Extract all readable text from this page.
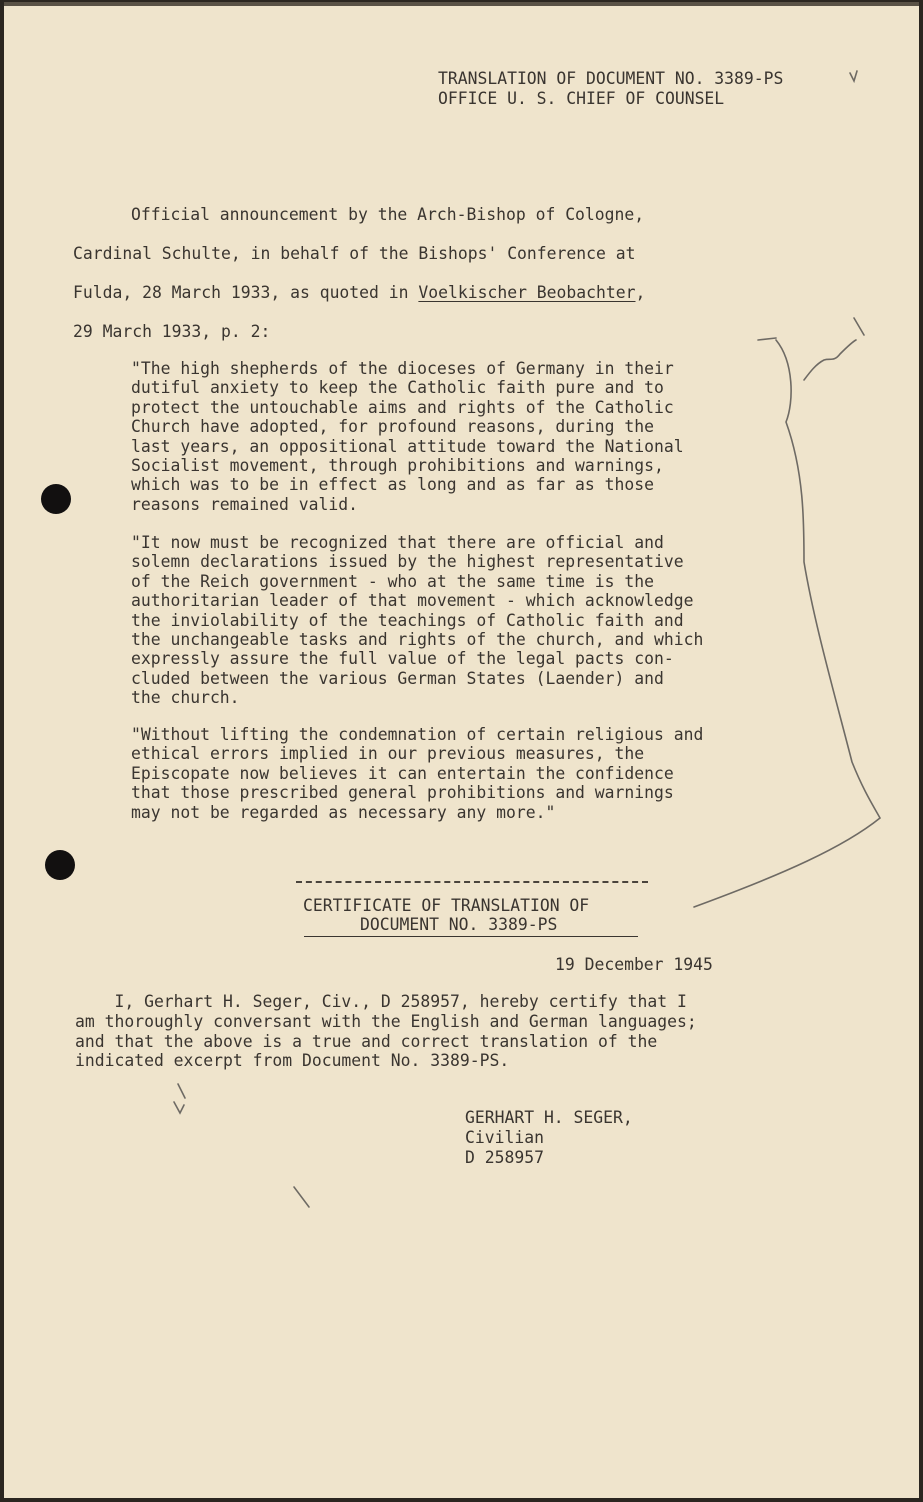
TRANSLATION OF DOCUMENT NO. 3389-PS
OFFICE U. S. CHIEF OF COUNSEL
Official announcement by the Arch-Bishop of Cologne,
Cardinal Schulte, in behalf of the Bishops' Conference at
Fulda, 28 March 1933, as quoted in Voelkischer Beobachter,
29 March 1933, p. 2:
"The high shepherds of the dioceses of Germany in their
dutiful anxiety to keep the Catholic faith pure and to
protect the untouchable aims and rights of the Catholic
Church have adopted, for profound reasons, during the
last years, an oppositional attitude toward the National
Socialist movement, through prohibitions and warnings,
which was to be in effect as long and as far as those
reasons remained valid.
"It now must be recognized that there are official and
solemn declarations issued by the highest representative
of the Reich government - who at the same time is the
authoritarian leader of that movement - which acknowledge
the inviolability of the teachings of Catholic faith and
the unchangeable tasks and rights of the church, and which
expressly assure the full value of the legal pacts con-
cluded between the various German States (Laender) and
the church.
"Without lifting the condemnation of certain religious and
ethical errors implied in our previous measures, the
Episcopate now believes it can entertain the confidence
that those prescribed general prohibitions and warnings
may not be regarded as necessary any more."
CERTIFICATE OF TRANSLATION OF
DOCUMENT NO. 3389-PS
19 December 1945
I, Gerhart H. Seger, Civ., D 258957, hereby certify that I
am thoroughly conversant with the English and German languages;
and that the above is a true and correct translation of the
indicated excerpt from Document No. 3389-PS.
GERHART H. SEGER,
Civilian
D 258957
